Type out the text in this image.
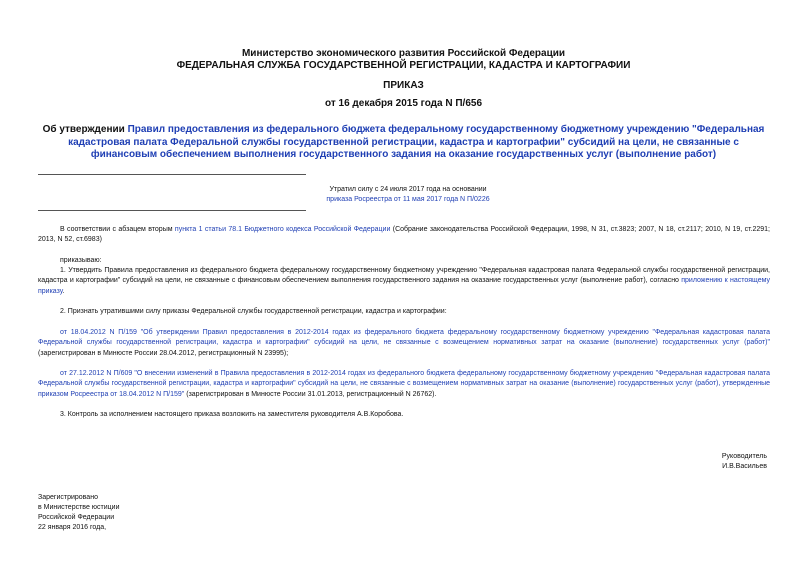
Министерство экономического развития Российской Федерации
ФЕДЕРАЛЬНАЯ СЛУЖБА ГОСУДАРСТВЕННОЙ РЕГИСТРАЦИИ, КАДАСТРА И КАРТОГРАФИИ
ПРИКАЗ
от 16 декабря 2015 года N П/656
Об утверждении Правил предоставления из федерального бюджета федеральному государственному бюджетному учреждению "Федеральная кадастровая палата Федеральной службы государственной регистрации, кадастра и картографии" субсидий на цели, не связанные с финансовым обеспечением выполнения государственного задания на оказание государственных услуг (выполнение работ)
Утратил силу с 24 июля 2017 года на основании
приказа Росреестра от 11 мая 2017 года N П/0226
В соответствии с абзацем вторым пункта 1 статьи 78.1 Бюджетного кодекса Российской Федерации (Собрание законодательства Российской Федерации, 1998, N 31, ст.3823; 2007, N 18, ст.2117; 2010, N 19, ст.2291; 2013, N 52, ст.6983)
приказываю:
1. Утвердить Правила предоставления из федерального бюджета федеральному государственному бюджетному учреждению "Федеральная кадастровая палата Федеральной службы государственной регистрации, кадастра и картографии" субсидий на цели, не связанные с финансовым обеспечением выполнения государственного задания на оказание государственных услуг (выполнение работ), согласно приложению к настоящему приказу.
2. Признать утратившими силу приказы Федеральной службы государственной регистрации, кадастра и картографии:
от 18.04.2012 N П/159 "Об утверждении Правил предоставления в 2012-2014 годах из федерального бюджета федеральному государственному бюджетному учреждению "Федеральная кадастровая палата Федеральной службы государственной регистрации, кадастра и картографии" субсидий на цели, не связанные с возмещением нормативных затрат на оказание (выполнение) государственных услуг (работ)" (зарегистрирован в Минюсте России 28.04.2012, регистрационный N 23995);
от 27.12.2012 N П/609 "О внесении изменений в Правила предоставления в 2012-2014 годах из федерального бюджета федеральному государственному бюджетному учреждению "Федеральная кадастровая палата Федеральной службы государственной регистрации, кадастра и картографии" субсидий на цели, не связанные с возмещением нормативных затрат на оказание (выполнение) государственных услуг (работ), утвержденные приказом Росреестра от 18.04.2012 N П/159" (зарегистрирован в Минюсте России 31.01.2013, регистрационный N 26762).
3. Контроль за исполнением настоящего приказа возложить на заместителя руководителя А.В.Коробова.
Руководитель
И.В.Васильев
Зарегистрировано
в Министерстве юстиции
Российской Федерации
22 января 2016 года,
